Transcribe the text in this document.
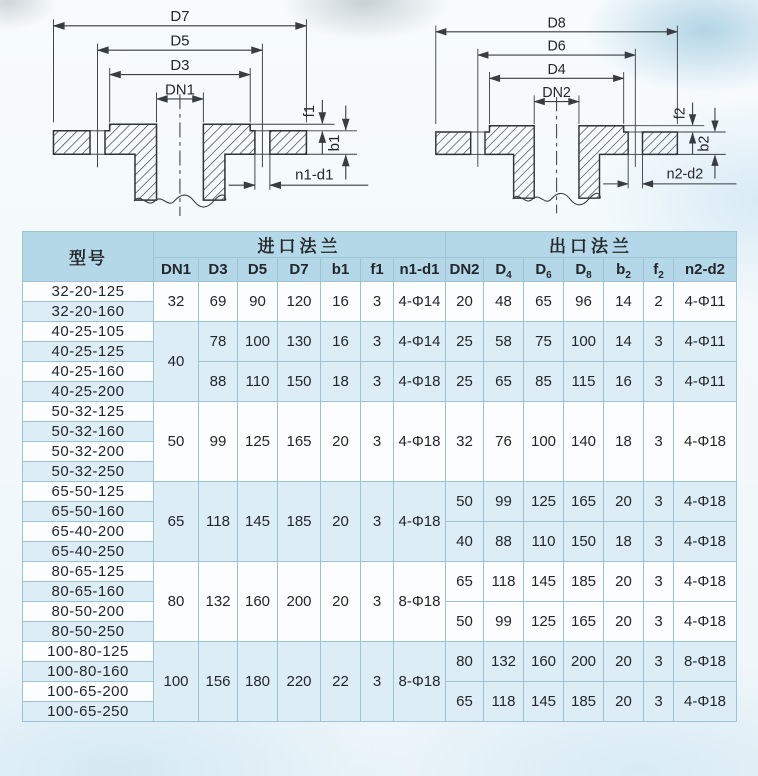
D7
D5
D3
DN1
f1
b1
n1-d1
D8
D6
D4
DN2
f2
b2
n2-d2
型号	进口法兰							出口法兰						
	DN1	D3	D5	D7	b1	f1	n1-d1	DN2	$D_4$	$D_6$	$D_8$	$b_2$	$f_2$	n2-d2
32-20-125	32	69	90	120	16	3	4-Φ14	20	48	65	96	14	2	4-Φ11
32-20-160														
40-25-105	40	78	100	130	16	3	4-Φ14	25	58	75	100	14	3	4-Φ11
40-25-125														
40-25-160		88	110	150	18	3	4-Φ18	25	65	85	115	16	3	4-Φ11
40-25-200														
50-32-125	50	99	125	165	20	3	4-Φ18	32	76	100	140	18	3	4-Φ18
50-32-160														
50-32-200														
50-32-250														
65-50-125	65	118	145	185	20	3	4-Φ18	50	99	125	165	20	3	4-Φ18
65-50-160														
65-40-200								40	88	110	150	18	3	4-Φ18
65-40-250														
80-65-125	80	132	160	200	20	3	8-Φ18	65	118	145	185	20	3	4-Φ18
80-65-160														
80-50-200								50	99	125	165	20	3	4-Φ18
80-50-250														
100-80-125	100	156	180	220	22	3	8-Φ18	80	132	160	200	20	3	8-Φ18
100-80-160														
100-65-200								65	118	145	185	20	3	4-Φ18
100-65-250														
